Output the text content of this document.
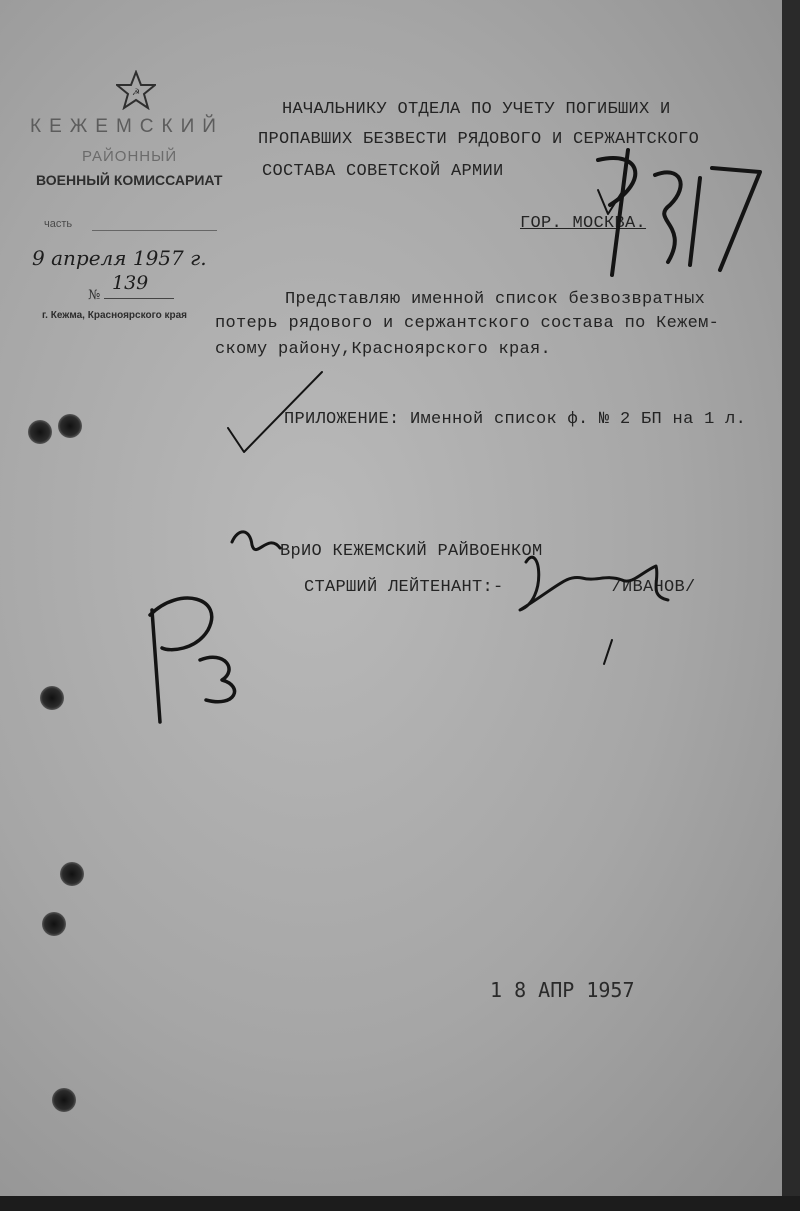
☭
КЕЖЕМСКИЙ
РАЙОННЫЙ
ВОЕННЫЙ КОМИССАРИАТ
часть
9 апреля 1957 г.
№
139
г. Кежма, Красноярского края
НАЧАЛЬНИКУ ОТДЕЛА ПО УЧЕТУ ПОГИБШИХ И
ПРОПАВШИХ БЕЗВЕСТИ РЯДОВОГО И СЕРЖАНТСКОГО
СОСТАВА СОВЕТСКОЙ АРМИИ
ГОР. МОСКВА.
Представляю именной список безвозвратных
потерь рядового и сержантского состава по Кежем-
скому району,Красноярского края.
ПРИЛОЖЕНИЕ: Именной список ф. № 2 БП на 1 л.
ВрИО КЕЖЕМСКИЙ РАЙВОЕНКОМ
СТАРШИЙ ЛЕЙТЕНАНТ:-	/ИВАНОВ/
1 8 АПР 1957
